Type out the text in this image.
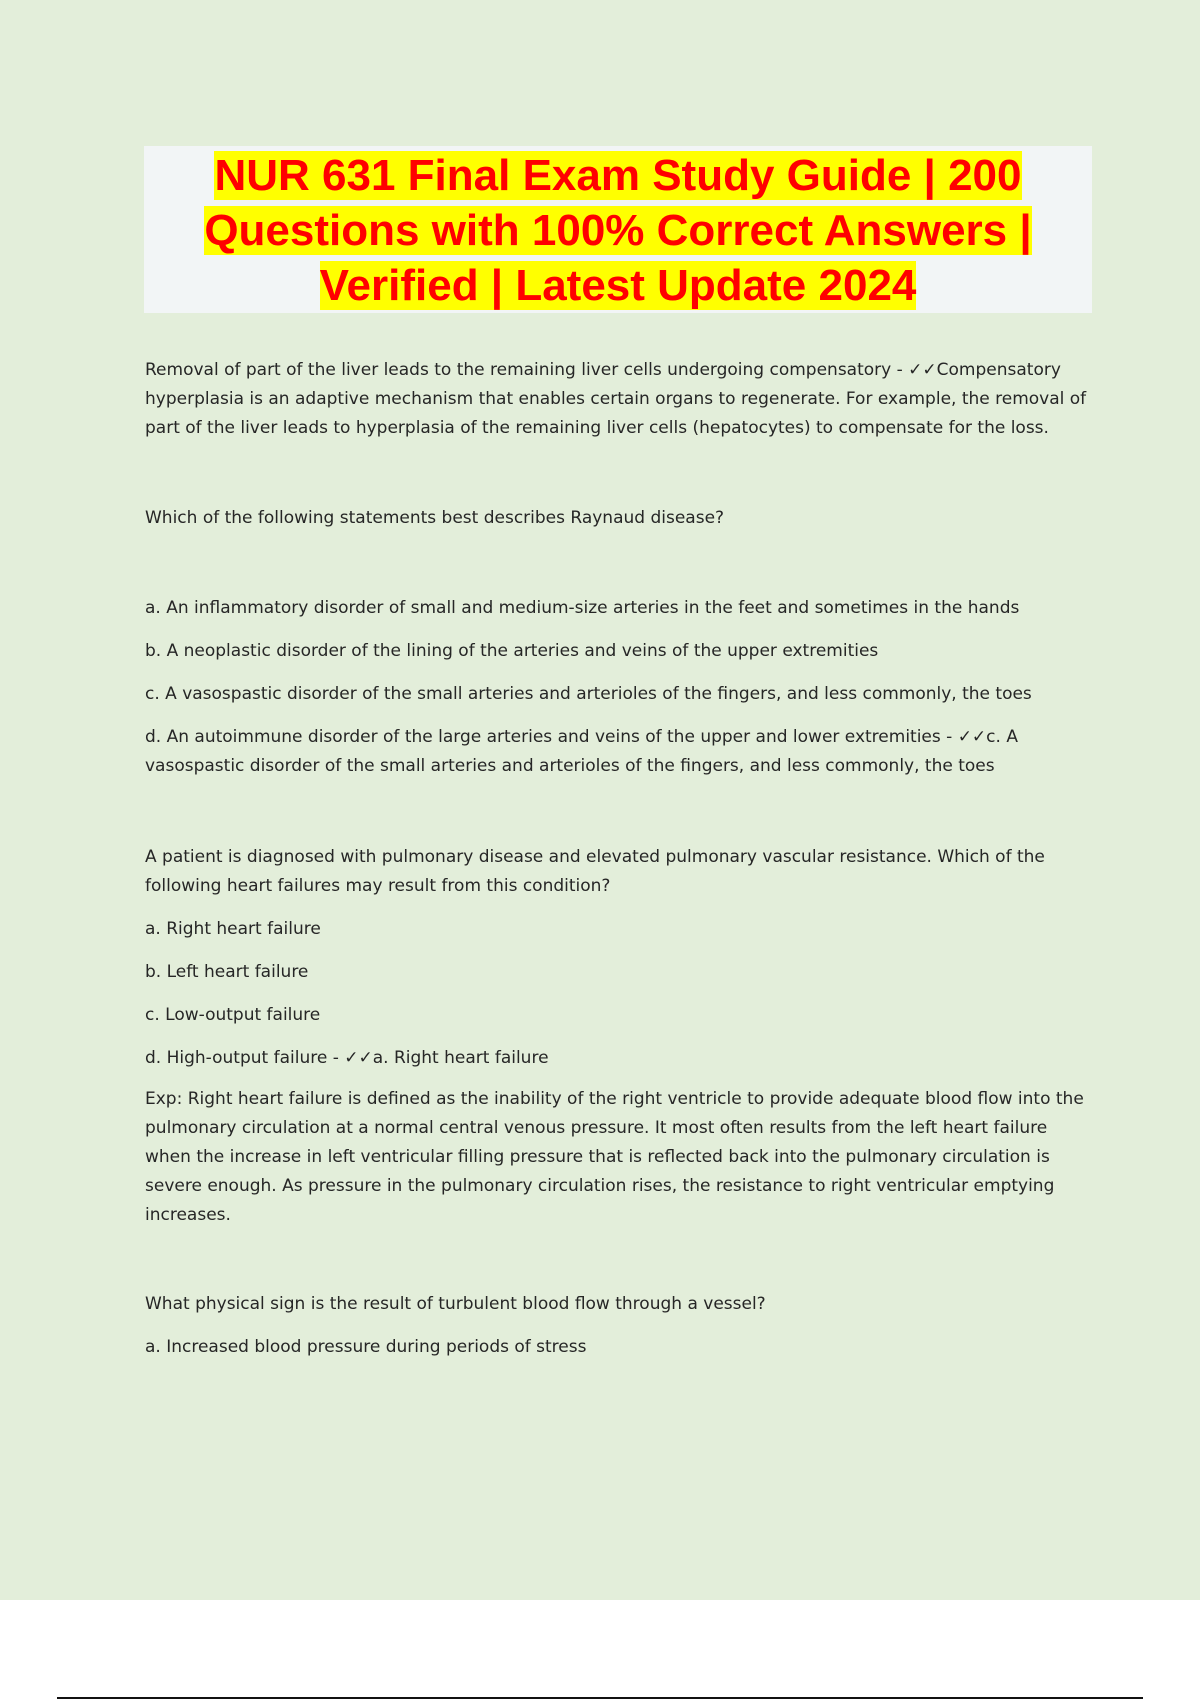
NUR 631 Final Exam Study Guide | 200 Questions with 100% Correct Answers | Verified | Latest Update 2024

Removal of part of the liver leads to the remaining liver cells undergoing compensatory - ✓✓Compensatory hyperplasia is an adaptive mechanism that enables certain organs to regenerate. For example, the removal of part of the liver leads to hyperplasia of the remaining liver cells (hepatocytes) to compensate for the loss.

Which of the following statements best describes Raynaud disease?

a. An inflammatory disorder of small and medium-size arteries in the feet and sometimes in the hands

b. A neoplastic disorder of the lining of the arteries and veins of the upper extremities

c. A vasospastic disorder of the small arteries and arterioles of the fingers, and less commonly, the toes

d. An autoimmune disorder of the large arteries and veins of the upper and lower extremities - ✓✓c. A vasospastic disorder of the small arteries and arterioles of the fingers, and less commonly, the toes

A patient is diagnosed with pulmonary disease and elevated pulmonary vascular resistance. Which of the following heart failures may result from this condition?

a. Right heart failure

b. Left heart failure

c. Low-output failure

d. High-output failure - ✓✓a. Right heart failure

Exp: Right heart failure is defined as the inability of the right ventricle to provide adequate blood flow into the pulmonary circulation at a normal central venous pressure. It most often results from the left heart failure when the increase in left ventricular filling pressure that is reflected back into the pulmonary circulation is severe enough. As pressure in the pulmonary circulation rises, the resistance to right ventricular emptying increases.

What physical sign is the result of turbulent blood flow through a vessel?

a. Increased blood pressure during periods of stress
